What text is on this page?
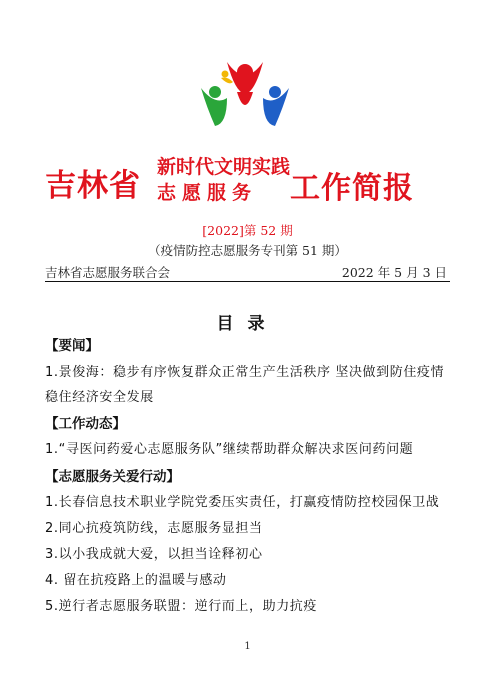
吉林省
新时代文明实践
志愿服务 工作简报
[2022]第 52 期
（疫情防控志愿服务专刊第 51 期）
吉林省志愿服务联合会	2022 年 5 月 3 日
目录
【要闻】
1.景俊海：稳步有序恢复群众正常生产生活秩序 坚决做到防住疫情
稳住经济安全发展
【工作动态】
1.“寻医问药爱心志愿服务队”继续帮助群众解决求医问药问题
【志愿服务关爱行动】
1.长春信息技术职业学院党委压实责任，打赢疫情防控校园保卫战
2.同心抗疫筑防线，志愿服务显担当
3.以小我成就大爱，以担当诠释初心
4. 留在抗疫路上的温暖与感动
5.逆行者志愿服务联盟：逆行而上，助力抗疫
1
